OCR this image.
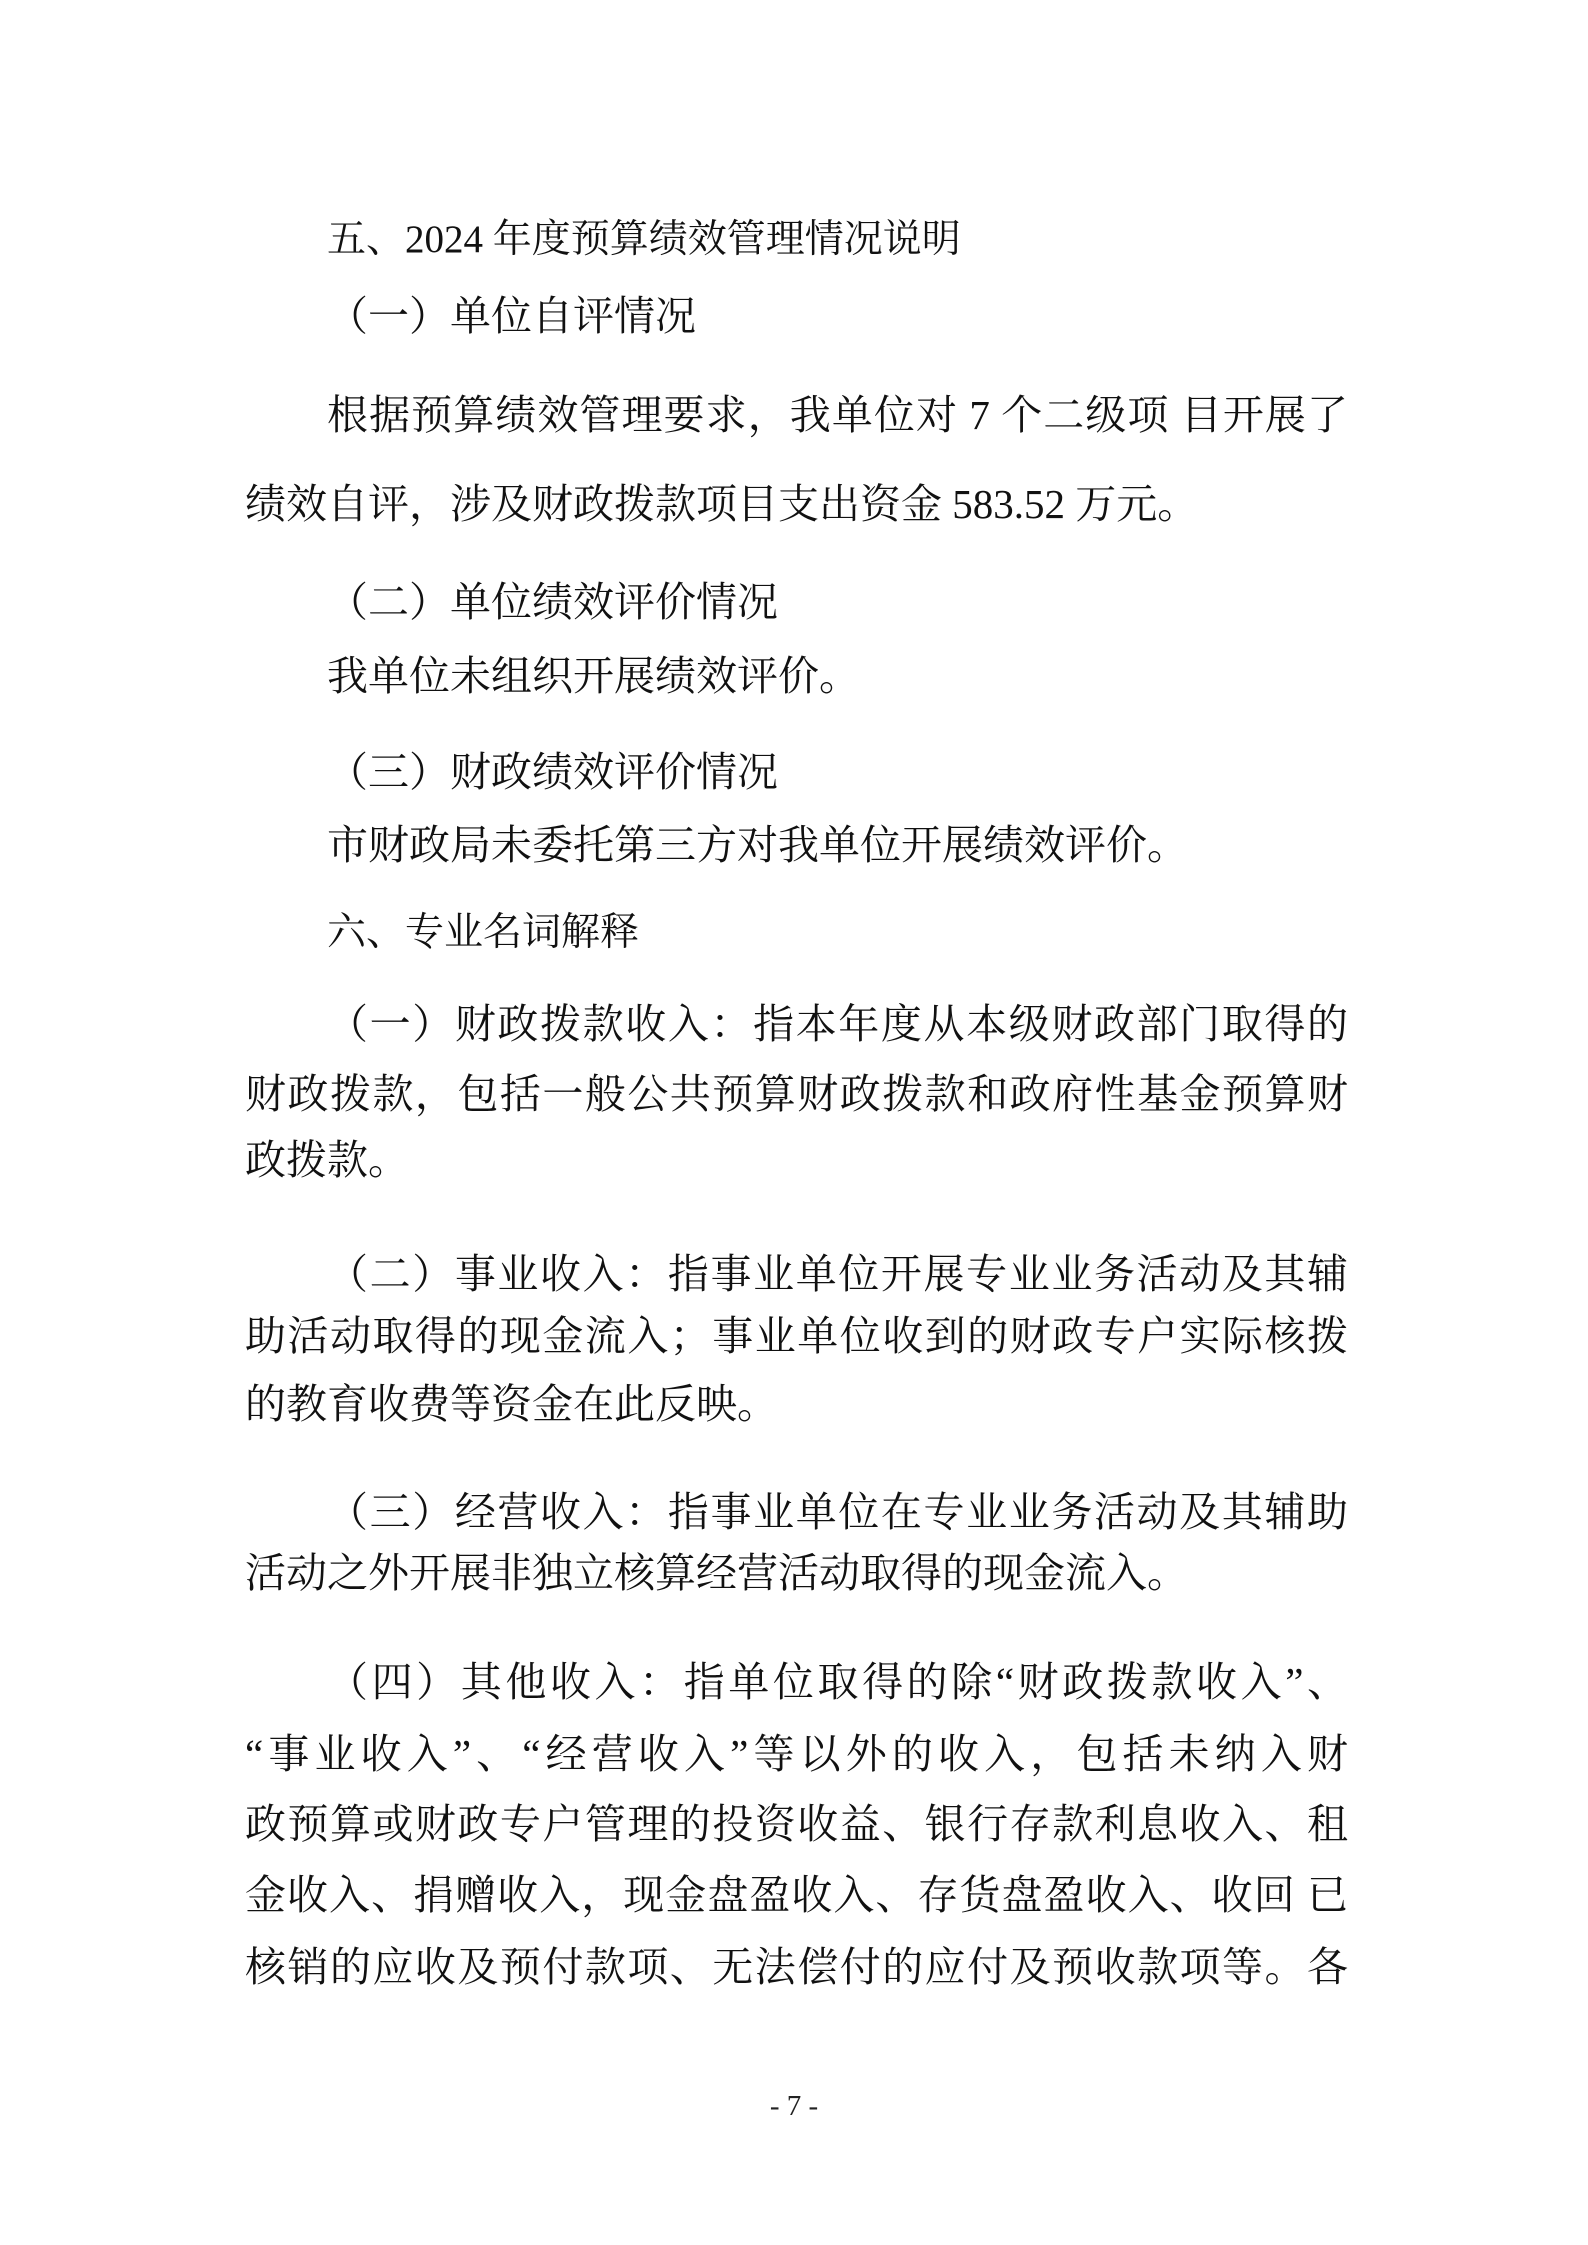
五、2024 年度预算绩效管理情况说明
（一）单位自评情况
根据预算绩效管理要求，我单位对 7 个二级项 目开展了
绩效自评，涉及财政拨款项目支出资金 583.52 万元。
（二）单位绩效评价情况
我单位未组织开展绩效评价。
（三）财政绩效评价情况
市财政局未委托第三方对我单位开展绩效评价。
六、专业名词解释
（一）财政拨款收入：指本年度从本级财政部门取得的
财政拨款，包括一般公共预算财政拨款和政府性基金预算财
政拨款。
（二）事业收入：指事业单位开展专业业务活动及其辅
助活动取得的现金流入；事业单位收到的财政专户实际核拨
的教育收费等资金在此反映。
（三）经营收入：指事业单位在专业业务活动及其辅助
活动之外开展非独立核算经营活动取得的现金流入。
（四）其他收入：指单位取得的除“财政拨款收入”、
“事业收入”、“经营收入”等以外的收入，包括未纳入财
政预算或财政专户管理的投资收益、银行存款利息收入、租
金收入、捐赠收入，现金盘盈收入、存货盘盈收入、收回 已
核销的应收及预付款项、无法偿付的应付及预收款项等。各
- 7 -
